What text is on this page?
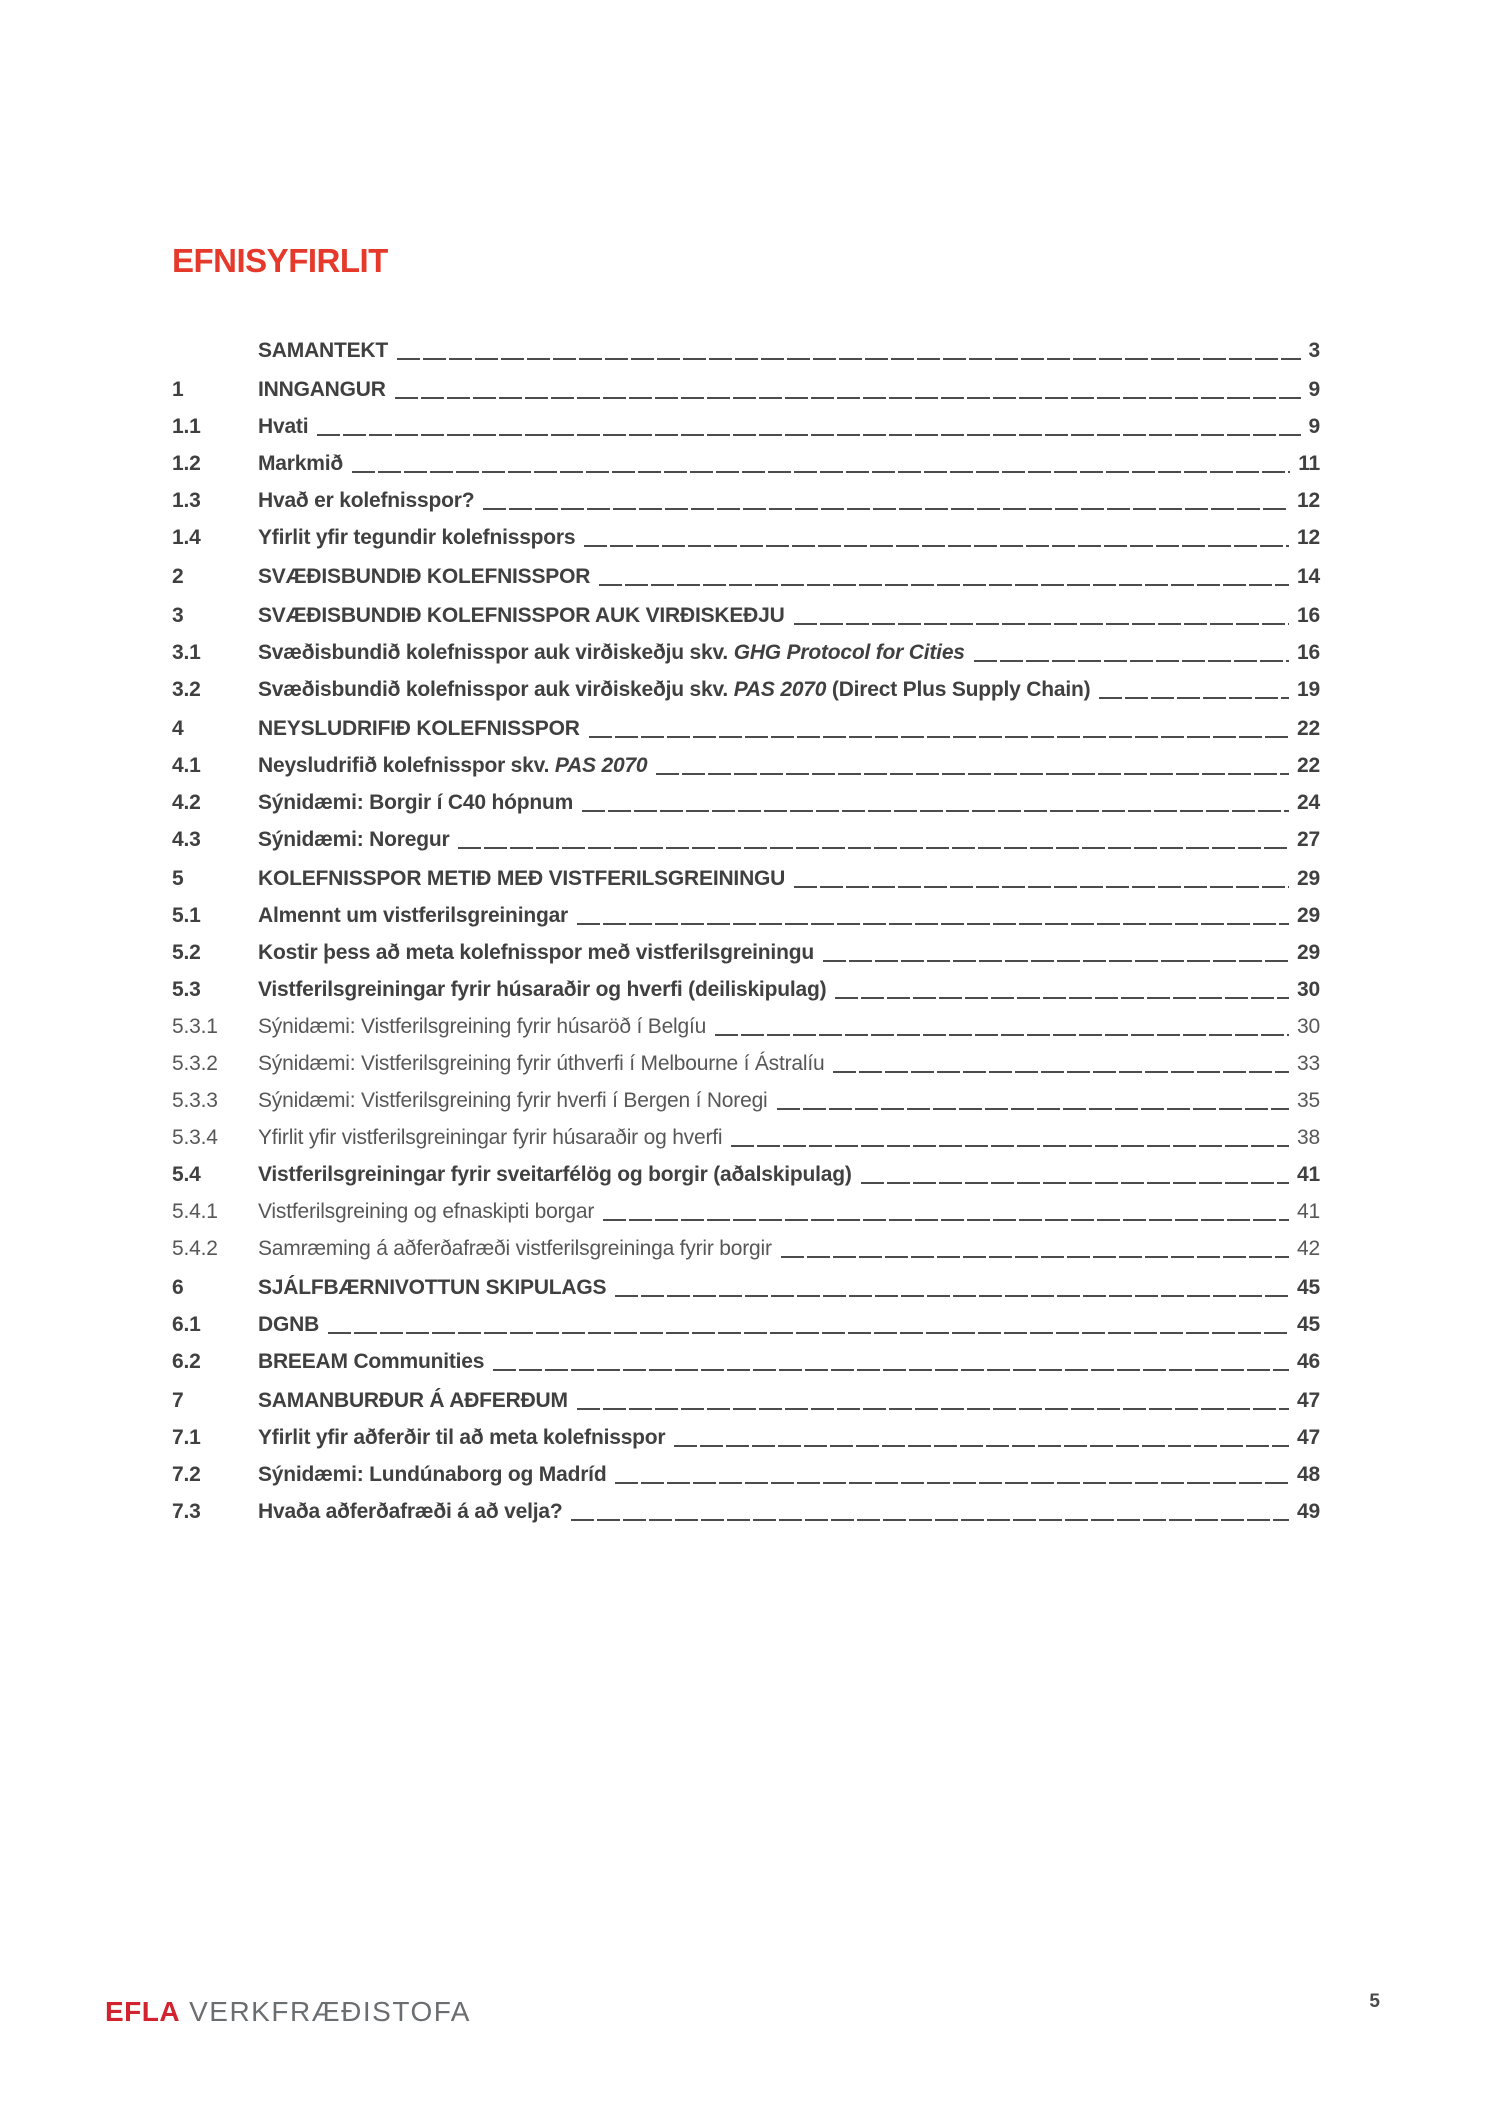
EFNISYFIRLIT
SAMANTEKT	3
1	INNGANGUR	9
1.1	Hvati	9
1.2	Markmið	11
1.3	Hvað er kolefnisspor?	12
1.4	Yfirlit yfir tegundir kolefnisspors	12
2	SVÆÐISBUNDIÐ KOLEFNISSPOR	14
3	SVÆÐISBUNDIÐ KOLEFNISSPOR AUK VIRÐISKEÐJU	16
3.1	Svæðisbundið kolefnisspor auk virðiskeðju skv. GHG Protocol for Cities	16
3.2	Svæðisbundið kolefnisspor auk virðiskeðju skv. PAS 2070 (Direct Plus Supply Chain)	19
4	NEYSLUDRIFIÐ KOLEFNISSPOR	22
4.1	Neysludrifið kolefnisspor skv. PAS 2070	22
4.2	Sýnidæmi: Borgir í C40 hópnum	24
4.3	Sýnidæmi: Noregur	27
5	KOLEFNISSPOR METIÐ MEÐ VISTFERILSGREININGU	29
5.1	Almennt um vistferilsgreiningar	29
5.2	Kostir þess að meta kolefnisspor með vistferilsgreiningu	29
5.3	Vistferilsgreiningar fyrir húsaraðir og hverfi (deiliskipulag)	30
5.3.1	Sýnidæmi: Vistferilsgreining fyrir húsaröð í Belgíu	30
5.3.2	Sýnidæmi: Vistferilsgreining fyrir úthverfi í Melbourne í Ástralíu	33
5.3.3	Sýnidæmi: Vistferilsgreining fyrir hverfi í Bergen í Noregi	35
5.3.4	Yfirlit yfir vistferilsgreiningar fyrir húsaraðir og hverfi	38
5.4	Vistferilsgreiningar fyrir sveitarfélög og borgir (aðalskipulag)	41
5.4.1	Vistferilsgreining og efnaskipti borgar	41
5.4.2	Samræming á aðferðafræði vistferilsgreininga fyrir borgir	42
6	SJÁLFBÆRNIVOTTUN SKIPULAGS	45
6.1	DGNB	45
6.2	BREEAM Communities	46
7	SAMANBURÐUR Á AÐFERÐUM	47
7.1	Yfirlit yfir aðferðir til að meta kolefnisspor	47
7.2	Sýnidæmi: Lundúnaborg og Madríd	48
7.3	Hvaða aðferðafræði á að velja?	49
EFLA VERKFRÆÐISTOFA	5
